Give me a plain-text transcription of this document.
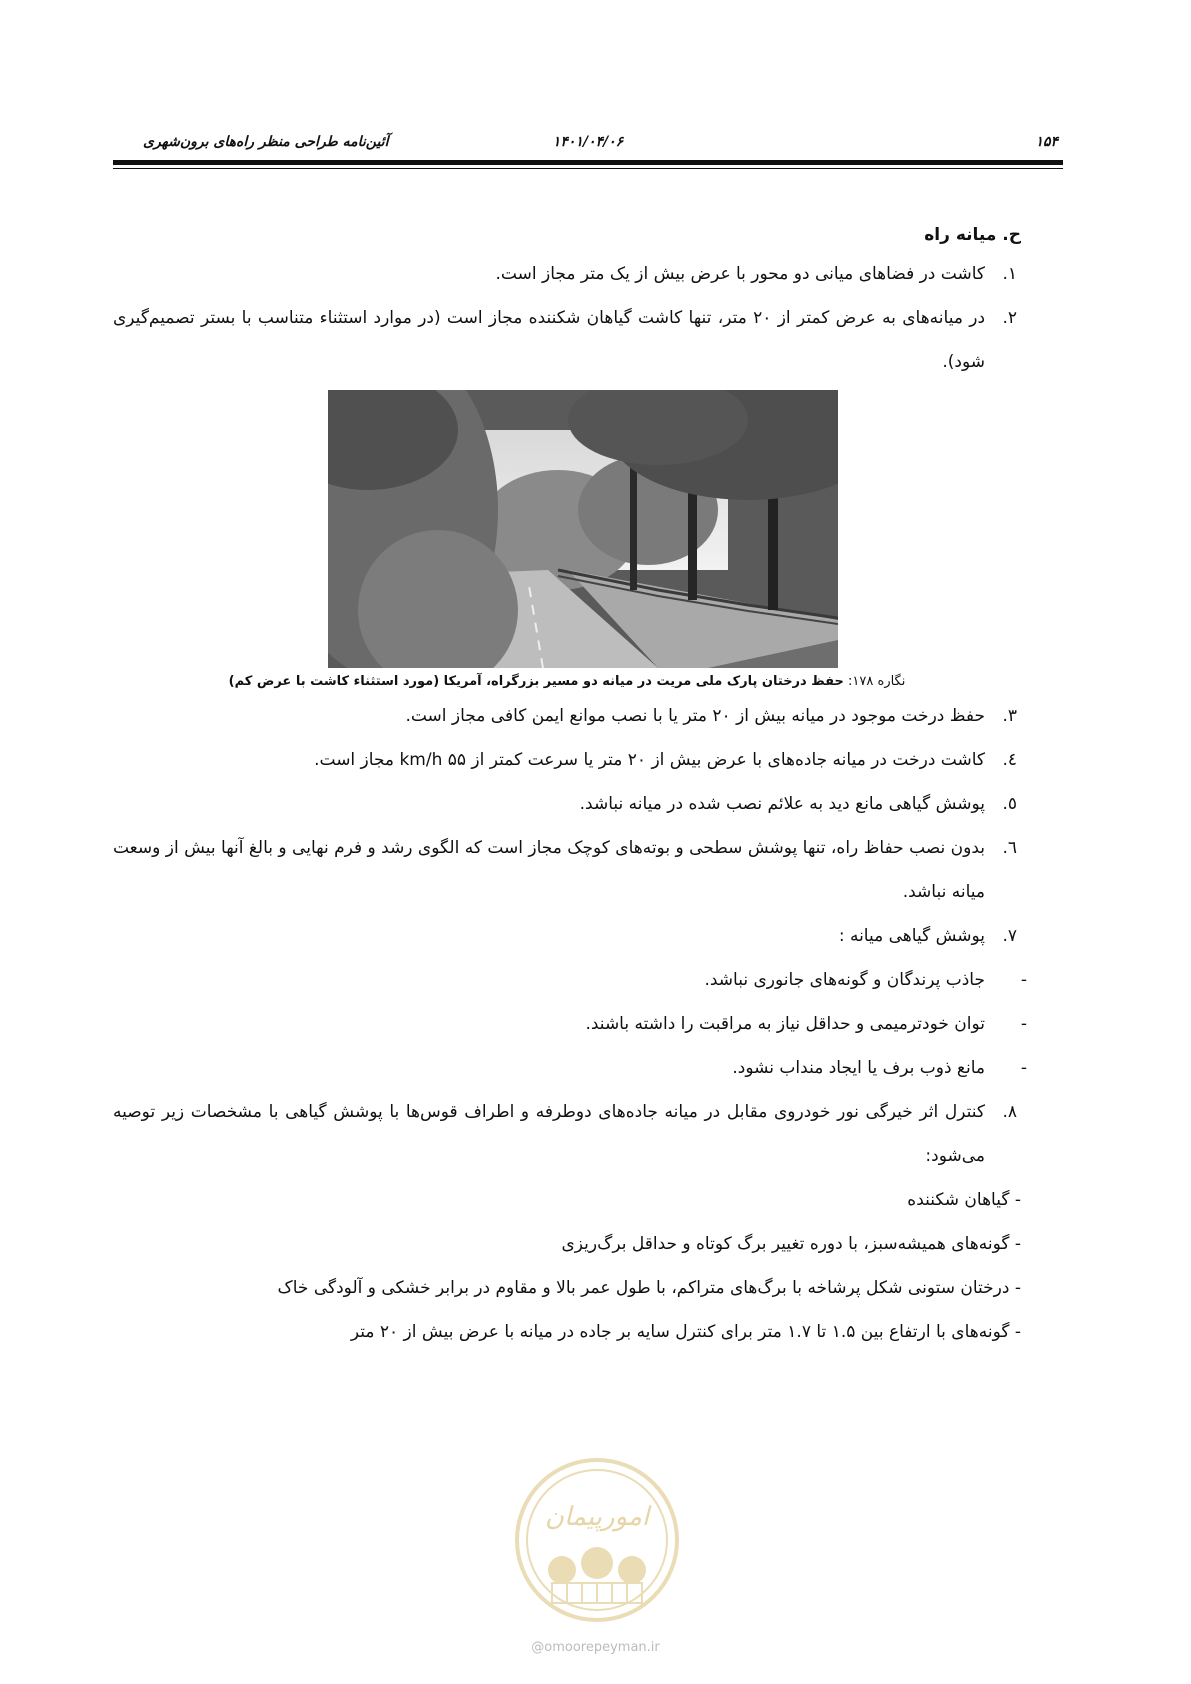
۱۵۴
۱۴۰۱/۰۴/۰۶
آئین‌نامه طراحی منظر راه‌های برون‌شهری
ح. میانه راه

۱.
کاشت در فضاهای میانی دو محور با عرض بیش از یک متر مجاز است.

۲.
در میانه‌های به عرض کمتر از ۲۰ متر، تنها کاشت گیاهان شکننده مجاز است (در موارد استثناء متناسب با بستر تصمیم‌گیری شود).

نگاره ۱۷۸: حفظ درختان پارک ملی مریت در میانه دو مسیر بزرگراه، آمریکا (مورد استثناء کاشت با عرض کم)

۳.
حفظ درخت موجود در میانه بیش از ۲۰ متر یا با نصب موانع ایمن کافی مجاز است.

٤.
کاشت درخت در میانه جاده‌های با عرض بیش از ۲۰ متر یا سرعت کمتر از km/h ۵۵ مجاز است.

٥.
پوشش گیاهی مانع دید به علائم نصب شده در میانه نباشد.

٦.
بدون نصب حفاظ راه، تنها پوشش سطحی و بوته‌های کوچک مجاز است که الگوی رشد و فرم نهایی و بالغ آنها بیش از وسعت میانه نباشد.

۷.
پوشش گیاهی میانه :

-
جاذب پرندگان و گونه‌های جانوری نباشد.

-
توان خودترمیمی و حداقل نیاز به مراقبت را داشته باشند.

-
مانع ذوب برف یا ایجاد منداب نشود.

۸.
کنترل اثر خیرگی نور خودروی مقابل در میانه جاده‌های دوطرفه و اطراف قوس‌ها با پوشش گیاهی با مشخصات زیر توصیه می‌شود:

- گیاهان شکننده

- گونه‌های همیشه‌سبز، با دوره تغییر برگ کوتاه و حداقل برگ‌ریزی

- درختان ستونی شکل پرشاخه با برگ‌های متراکم، با طول عمر بالا و مقاوم در برابر خشکی و آلودگی خاک

- گونه‌های با ارتفاع بین ۱.۵ تا ۱.۷ متر برای کنترل سایه بر جاده در میانه با عرض بیش از ۲۰ متر

امورپیمان
@omoorepeyman.ir
